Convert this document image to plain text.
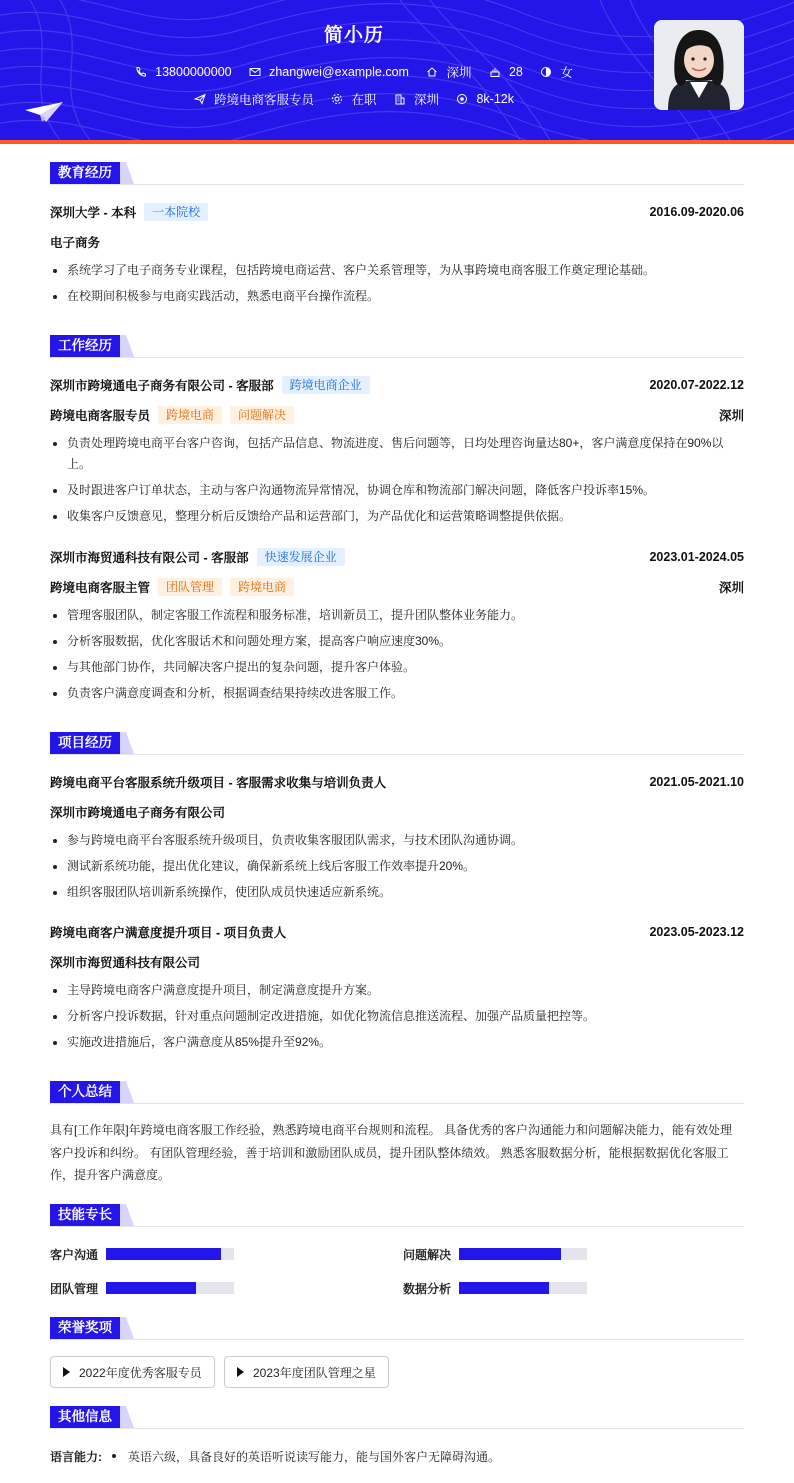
简小历
13800000000
	zhangwei@example.com
	深圳
	28
	女
跨境电商客服专员
	在职
	深圳
	8k-12k
教育经历
深圳大学 - 本科	一本院校	2016.09-2020.06
电子商务
系统学习了电子商务专业课程，包括跨境电商运营、客户关系管理等，为从事跨境电商客服工作奠定理论基础。
在校期间积极参与电商实践活动，熟悉电商平台操作流程。
工作经历
深圳市跨境通电子商务有限公司 - 客服部	跨境电商企业	2020.07-2022.12
跨境电商客服专员	跨境电商	问题解决	深圳
负责处理跨境电商平台客户咨询，包括产品信息、物流进度、售后问题等，日均处理咨询量达80+，客户满意度保持在90%以上。
及时跟进客户订单状态，主动与客户沟通物流异常情况，协调仓库和物流部门解决问题，降低客户投诉率15%。
收集客户反馈意见，整理分析后反馈给产品和运营部门，为产品优化和运营策略调整提供依据。
深圳市海贸通科技有限公司 - 客服部	快速发展企业	2023.01-2024.05
跨境电商客服主管	团队管理	跨境电商	深圳
管理客服团队，制定客服工作流程和服务标准，培训新员工，提升团队整体业务能力。
分析客服数据，优化客服话术和问题处理方案，提高客户响应速度30%。
与其他部门协作，共同解决客户提出的复杂问题，提升客户体验。
负责客户满意度调查和分析，根据调查结果持续改进客服工作。
项目经历
跨境电商平台客服系统升级项目 - 客服需求收集与培训负责人	2021.05-2021.10
深圳市跨境通电子商务有限公司
参与跨境电商平台客服系统升级项目，负责收集客服团队需求，与技术团队沟通协调。
测试新系统功能，提出优化建议，确保新系统上线后客服工作效率提升20%。
组织客服团队培训新系统操作，使团队成员快速适应新系统。
跨境电商客户满意度提升项目 - 项目负责人	2023.05-2023.12
深圳市海贸通科技有限公司
主导跨境电商客户满意度提升项目，制定满意度提升方案。
分析客户投诉数据，针对重点问题制定改进措施，如优化物流信息推送流程、加强产品质量把控等。
实施改进措施后，客户满意度从85%提升至92%。
个人总结
具有[工作年限]年跨境电商客服工作经验，熟悉跨境电商平台规则和流程。 具备优秀的客户沟通能力和问题解决能力，能有效处理
客户投诉和纠纷。 有团队管理经验，善于培训和激励团队成员，提升团队整体绩效。 熟悉客服数据分析，能根据数据优化客服工
作，提升客户满意度。
技能专长
客户沟通	问题解决
团队管理	数据分析
荣誉奖项
2022年度优秀客服专员	2023年度团队管理之星
其他信息
语言能力: 英语六级，具备良好的英语听说读写能力，能与国外客户无障碍沟通。
